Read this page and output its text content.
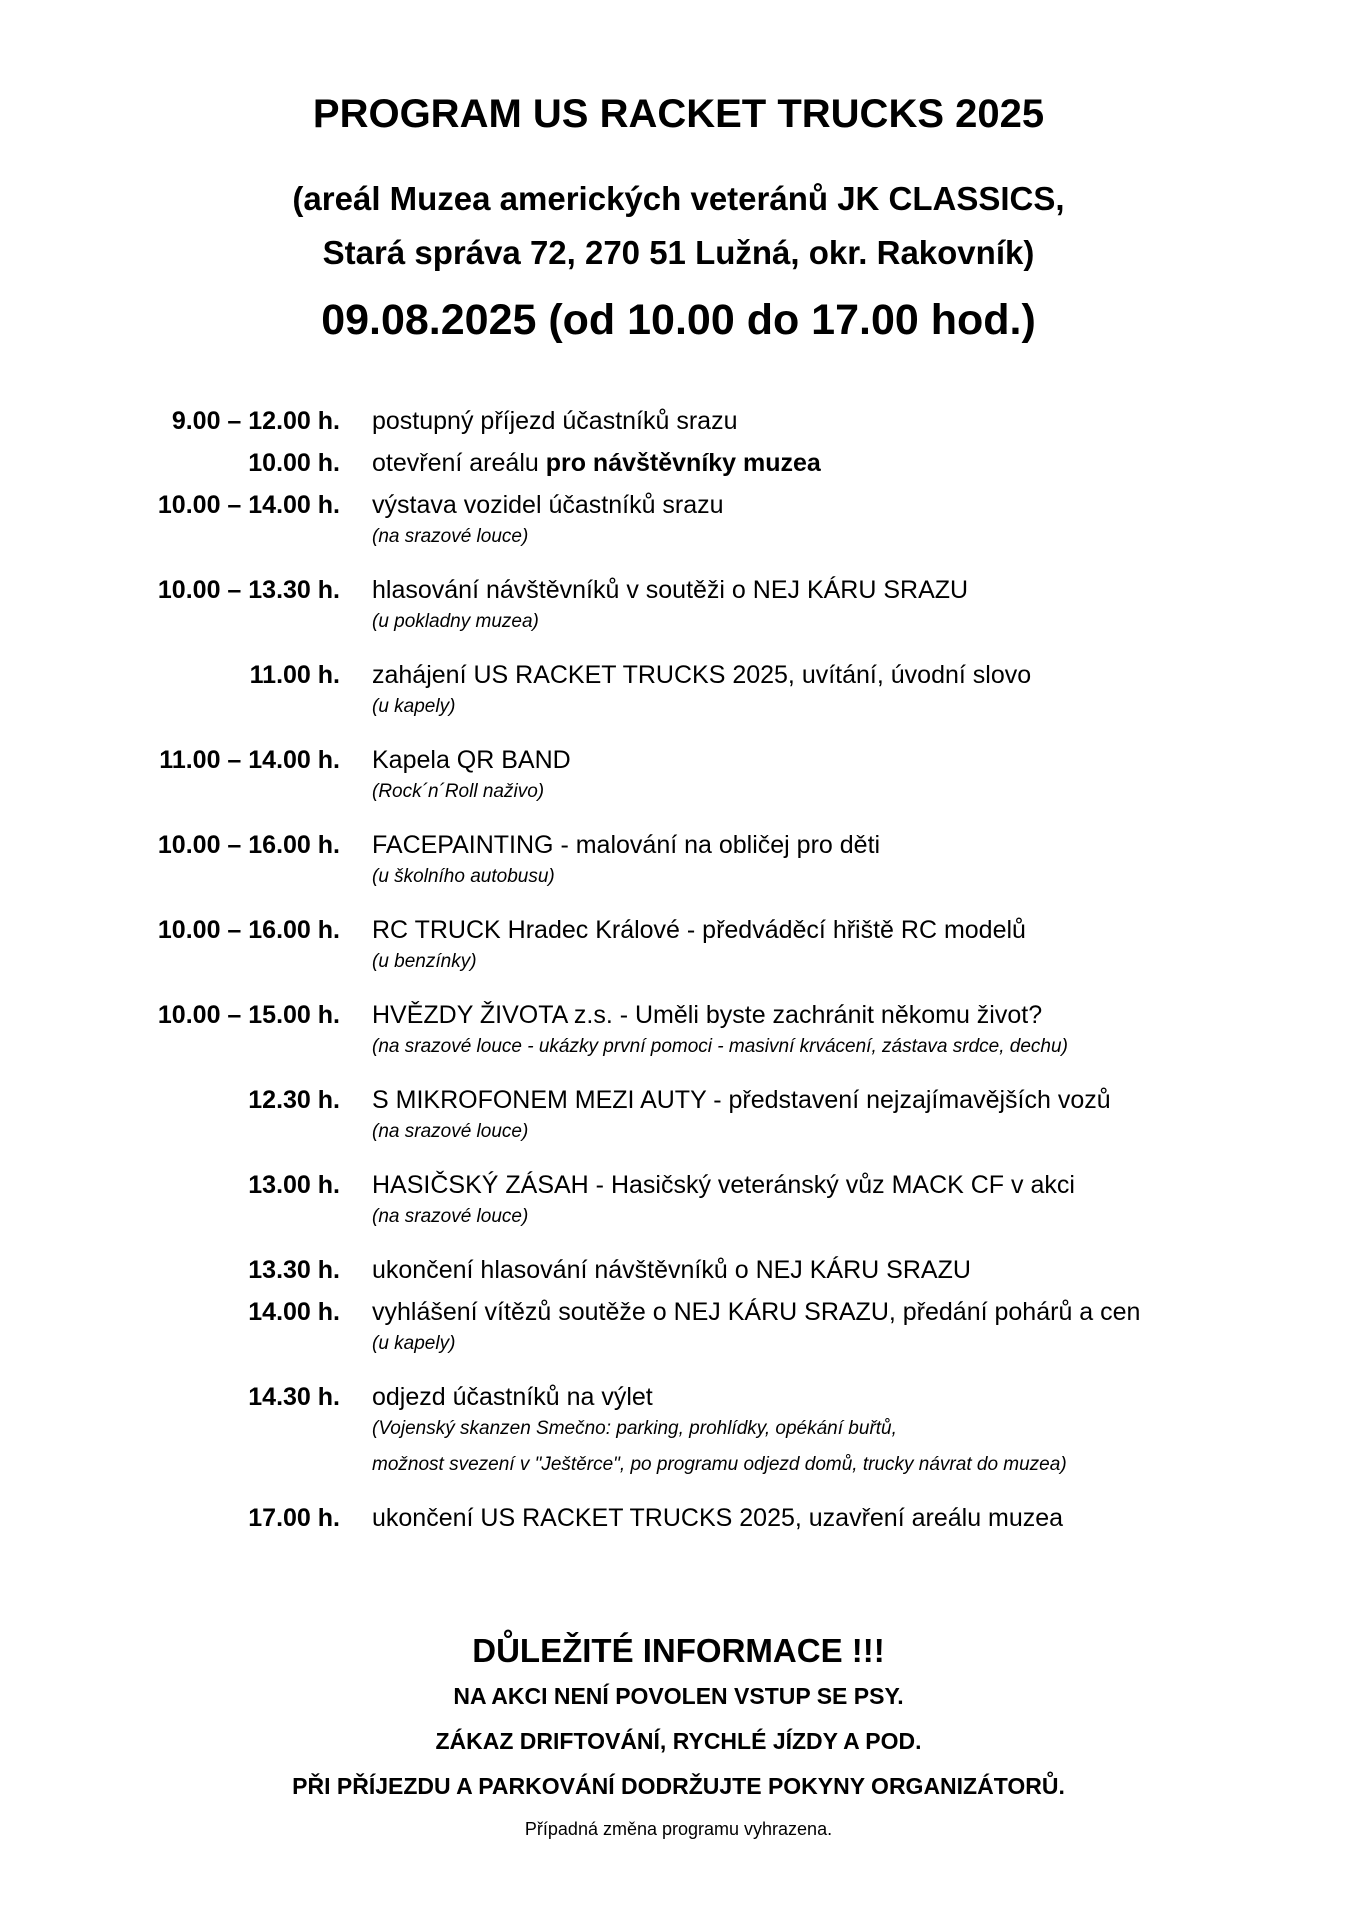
PROGRAM US RACKET TRUCKS 2025
(areál Muzea amerických veteránů JK CLASSICS,
Stará správa 72, 270 51 Lužná, okr. Rakovník)
09.08.2025 (od 10.00 do 17.00 hod.)
9.00 – 12.00 h. postupný příjezd účastníků srazu
10.00 h. otevření areálu pro návštěvníky muzea
10.00 – 14.00 h. výstava vozidel účastníků srazu
(na srazové louce)
10.00 – 13.30 h. hlasování návštěvníků v soutěži o NEJ KÁRU SRAZU
(u pokladny muzea)
11.00 h. zahájení US RACKET TRUCKS 2025, uvítání, úvodní slovo
(u kapely)
11.00 – 14.00 h. Kapela QR BAND
(Rock´n´Roll naživo)
10.00 – 16.00 h. FACEPAINTING - malování na obličej pro děti
(u školního autobusu)
10.00 – 16.00 h. RC TRUCK Hradec Králové - předváděcí hřiště RC modelů
(u benzínky)
10.00 – 15.00 h. HVĚZDY ŽIVOTA z.s. - Uměli byste zachránit někomu život?
(na srazové louce - ukázky první pomoci - masivní krvácení, zástava srdce, dechu)
12.30 h. S MIKROFONEM MEZI AUTY - představení nejzajímavějších vozů
(na srazové louce)
13.00 h. HASIČSKÝ ZÁSAH - Hasičský veteránský vůz MACK CF v akci
(na srazové louce)
13.30 h. ukončení hlasování návštěvníků o NEJ KÁRU SRAZU
14.00 h. vyhlášení vítězů soutěže o NEJ KÁRU SRAZU, předání pohárů a cen
(u kapely)
14.30 h. odjezd účastníků na výlet
(Vojenský skanzen Smečno: parking, prohlídky, opékání buřtů,
možnost svezení v "Ještěrce", po programu odjezd domů, trucky návrat do muzea)
17.00 h. ukončení US RACKET TRUCKS 2025, uzavření areálu muzea
DŮLEŽITÉ INFORMACE !!!
NA AKCI NENÍ POVOLEN VSTUP SE PSY.
ZÁKAZ DRIFTOVÁNÍ, RYCHLÉ JÍZDY A POD.
PŘI PŘÍJEZDU A PARKOVÁNÍ DODRŽUJTE POKYNY ORGANIZÁTORŮ.
Případná změna programu vyhrazena.
